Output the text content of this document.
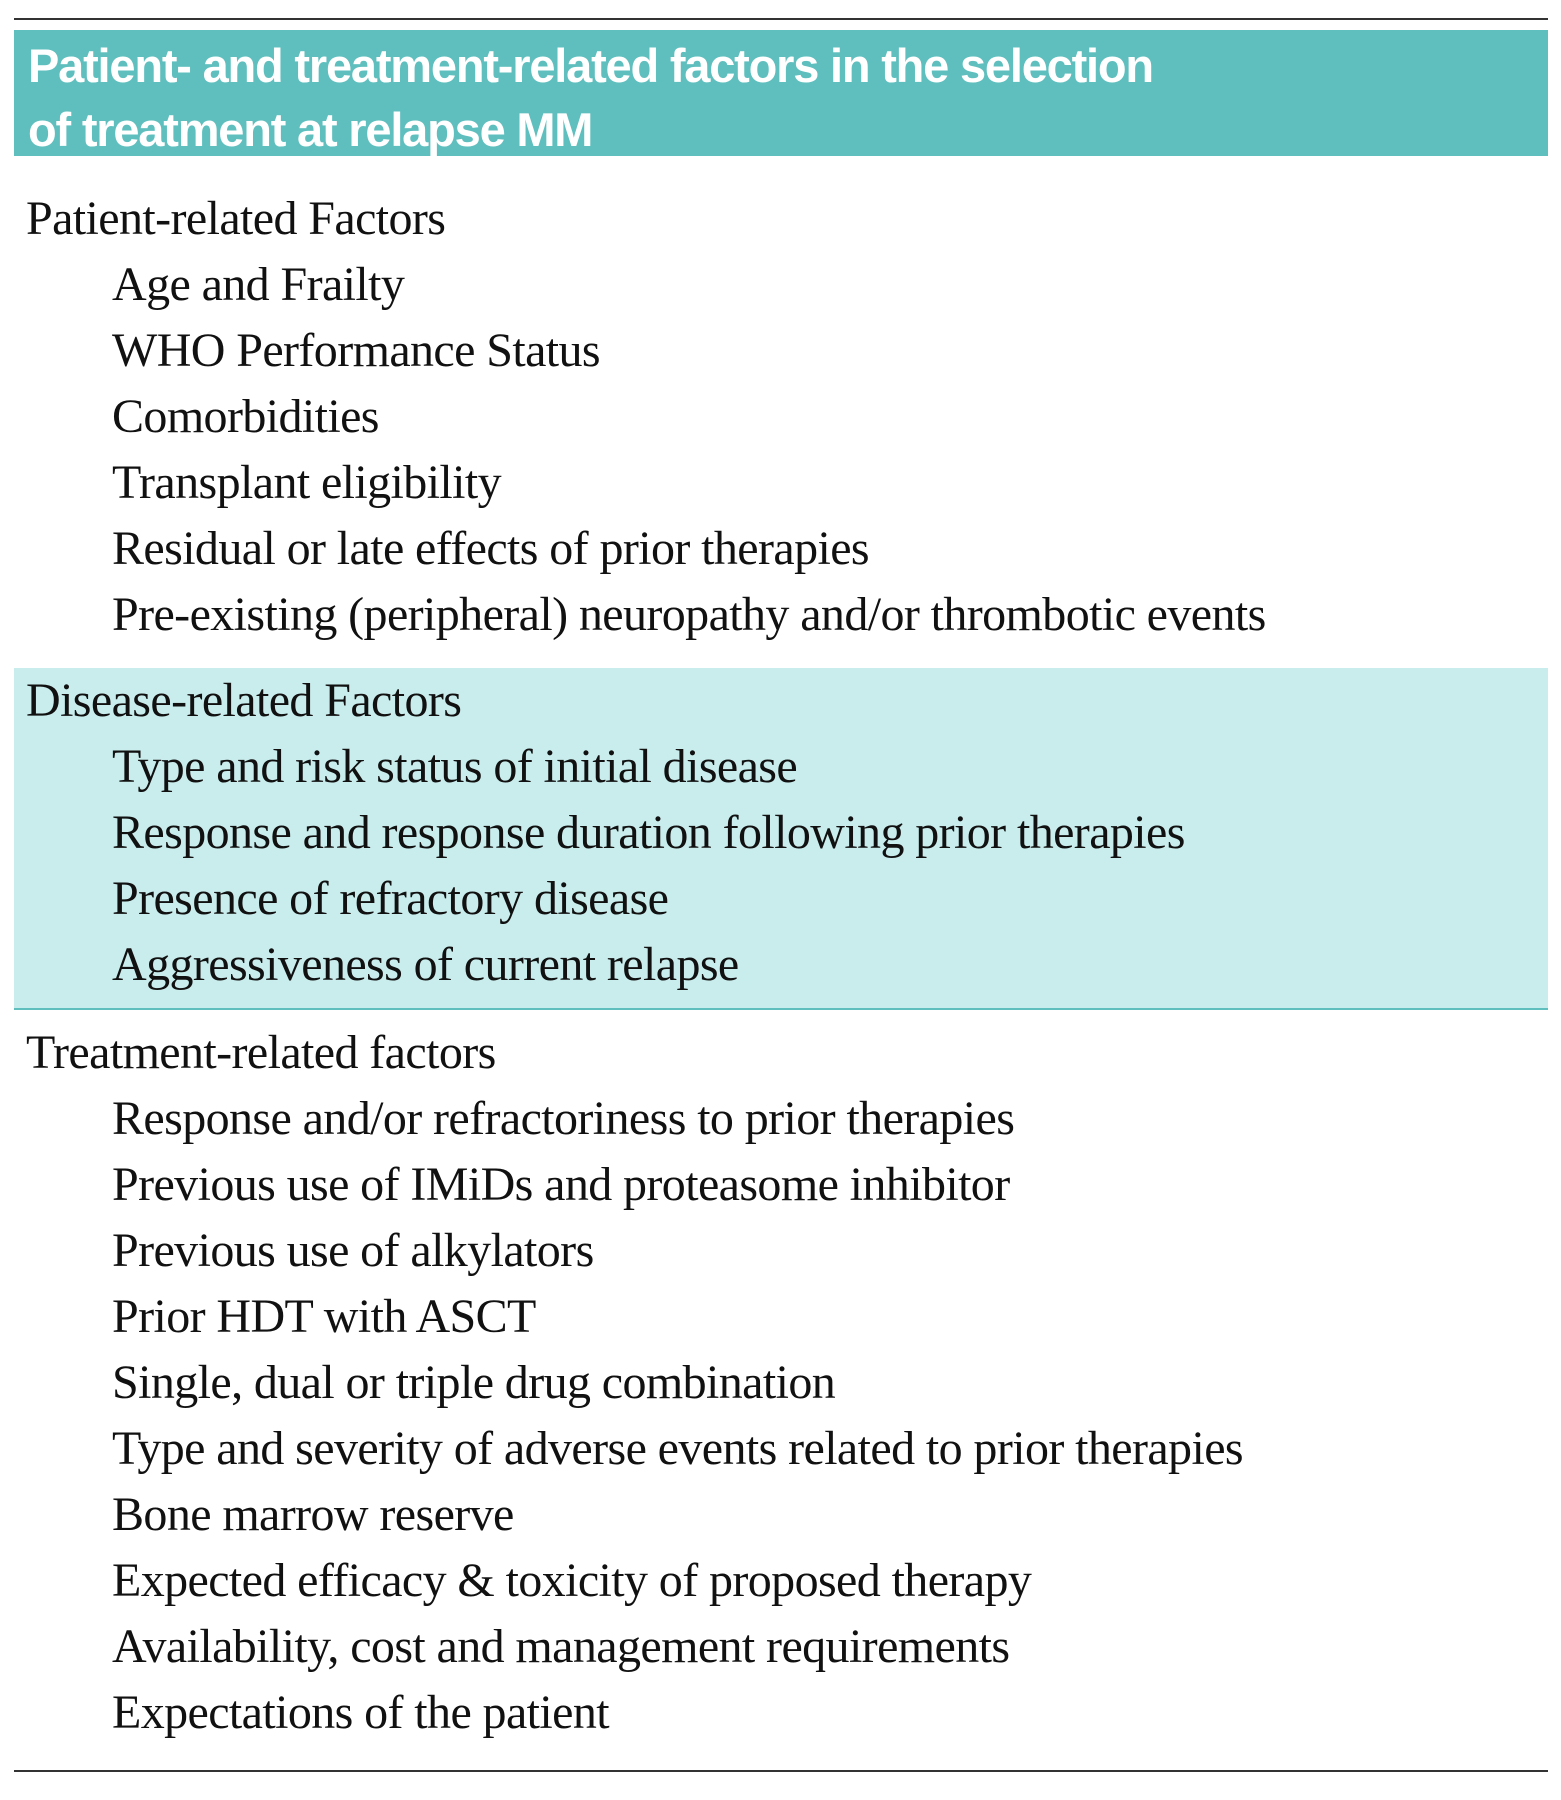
Patient- and treatment-related factors in the selection
of treatment at relapse MM
Patient-related Factors
Age and Frailty
WHO Performance Status
Comorbidities
Transplant eligibility
Residual or late effects of prior therapies
Pre-existing (peripheral) neuropathy and/or thrombotic events
Disease-related Factors
Type and risk status of initial disease
Response and response duration following prior therapies
Presence of refractory disease
Aggressiveness of current relapse
Treatment-related factors
Response and/or refractoriness to prior therapies
Previous use of IMiDs and proteasome inhibitor
Previous use of alkylators
Prior HDT with ASCT
Single, dual or triple drug combination
Type and severity of adverse events related to prior therapies
Bone marrow reserve
Expected efficacy & toxicity of proposed therapy
Availability, cost and management requirements
Expectations of the patient
